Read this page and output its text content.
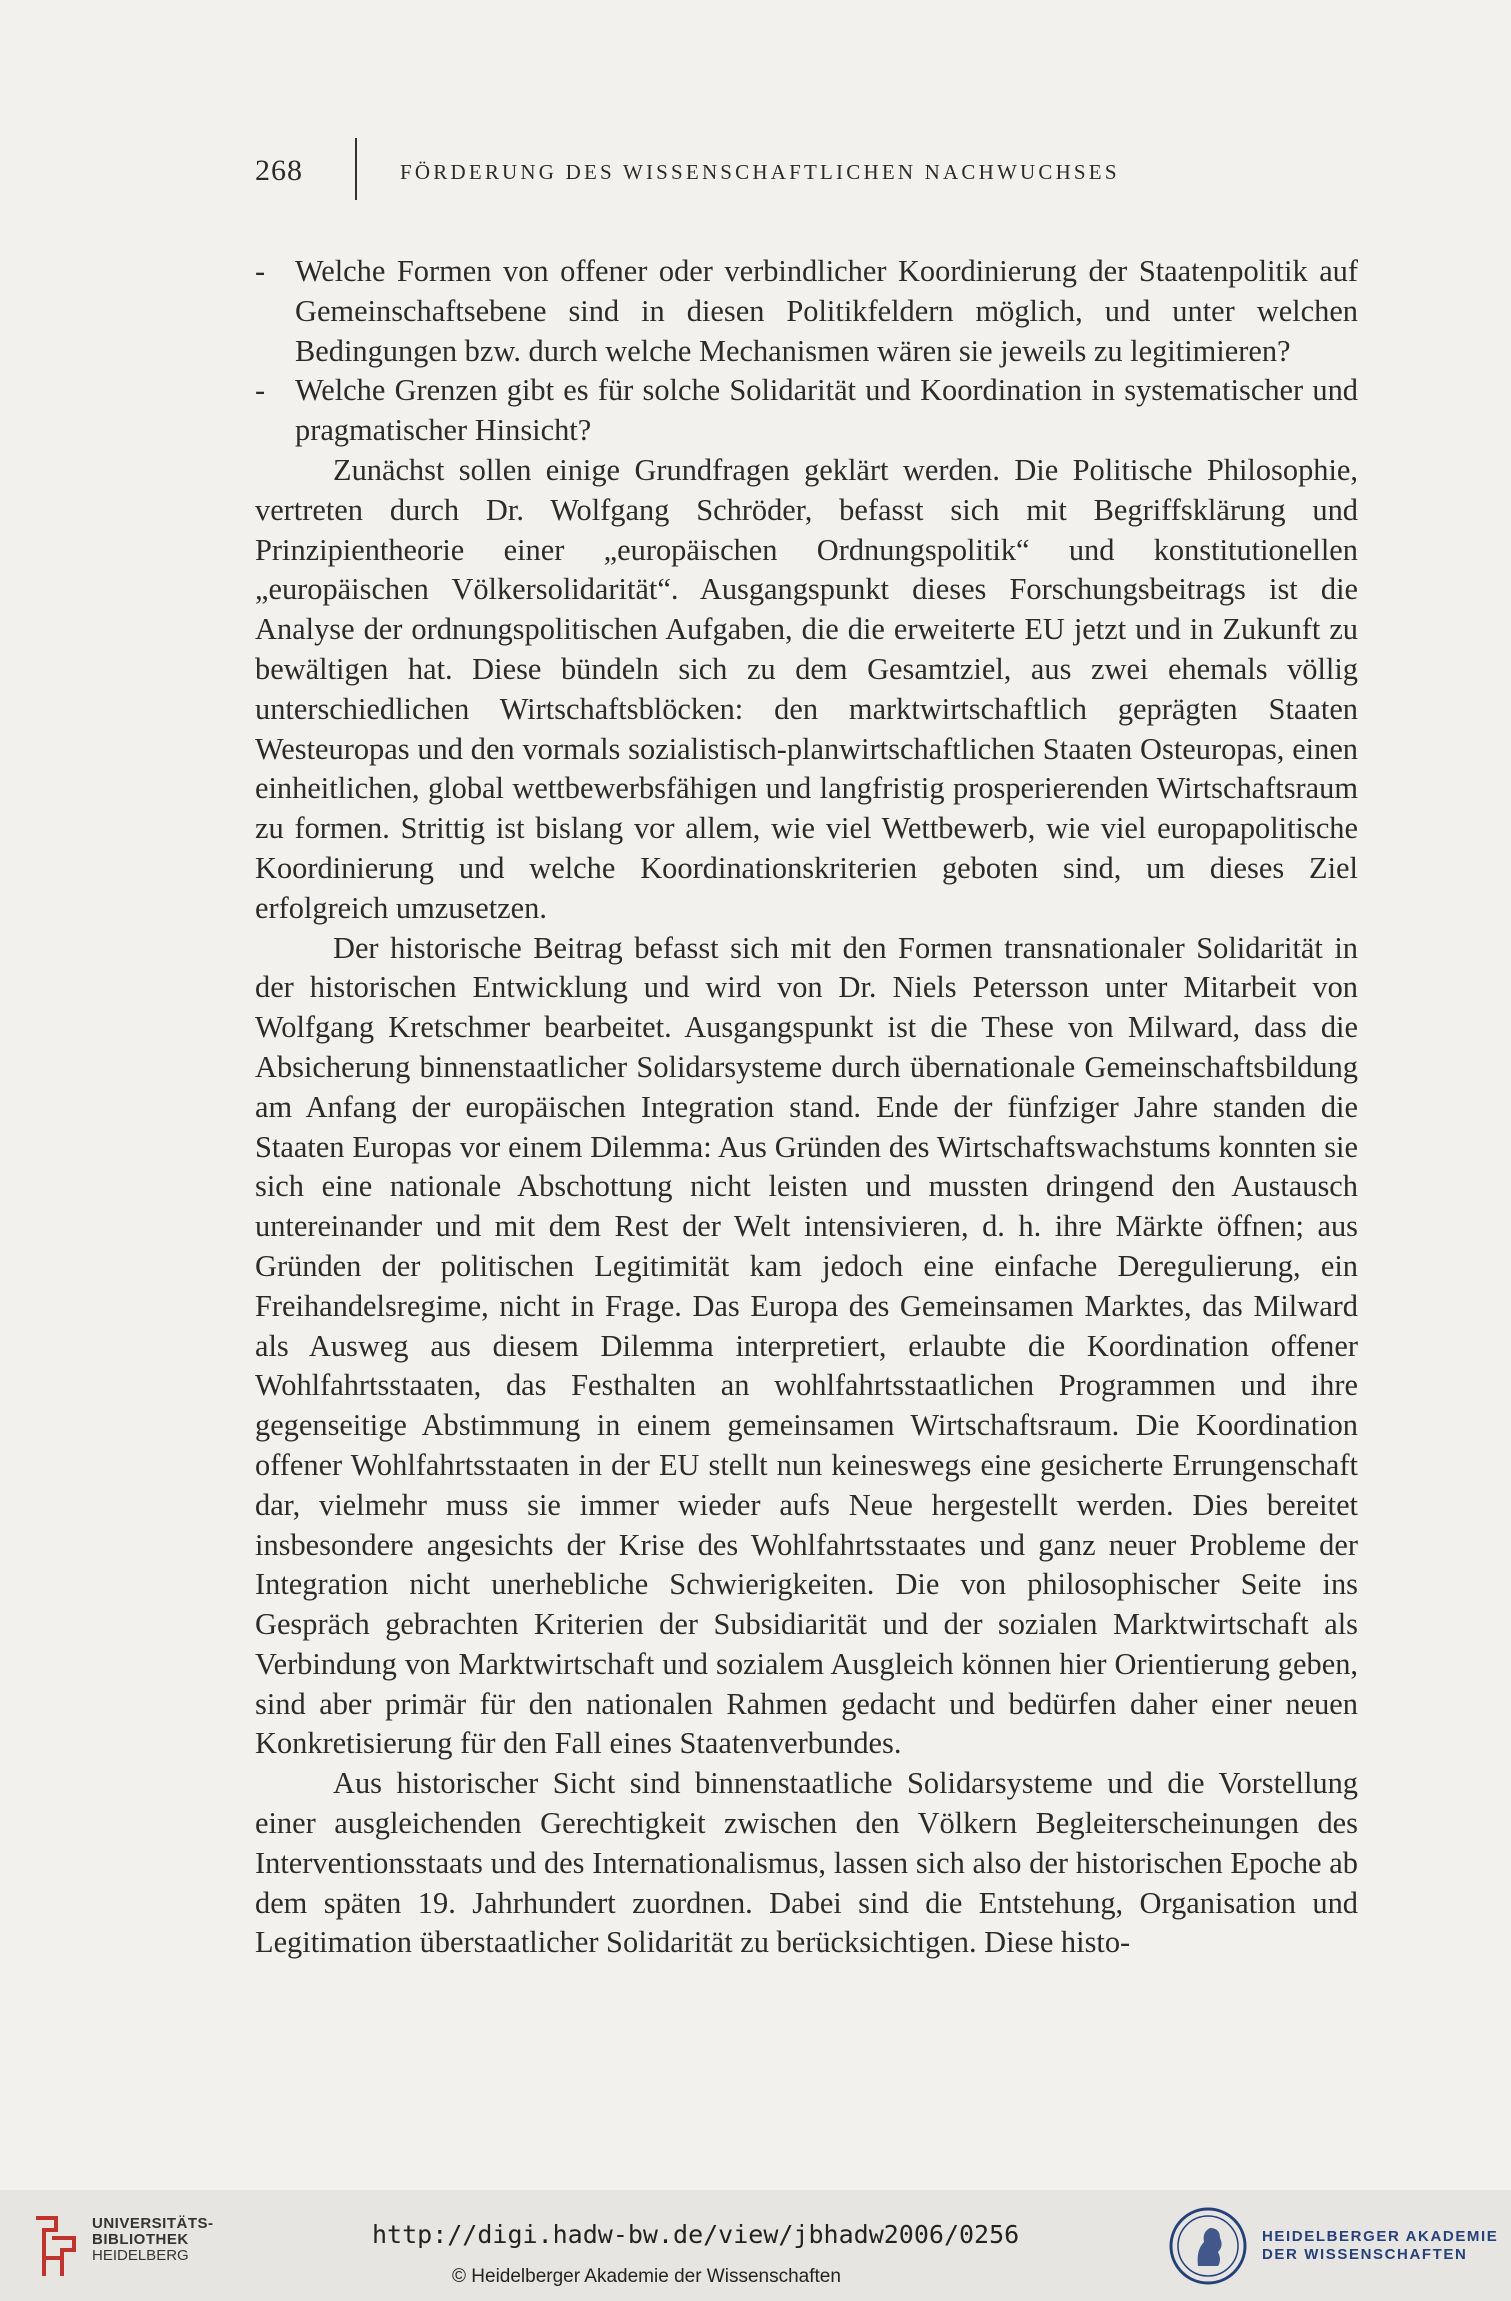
268	FÖRDERUNG DES WISSENSCHAFTLICHEN NACHWUCHSES

- Welche Formen von offener oder verbindlicher Koordinierung der Staatenpolitik auf Gemeinschaftsebene sind in diesen Politikfeldern möglich, und unter welchen Bedingungen bzw. durch welche Mechanismen wären sie jeweils zu legitimieren?

- Welche Grenzen gibt es für solche Solidarität und Koordination in systematischer und pragmatischer Hinsicht?

Zunächst sollen einige Grundfragen geklärt werden. Die Politische Philosophie, vertreten durch Dr. Wolfgang Schröder, befasst sich mit Begriffsklärung und Prinzipientheorie einer „europäischen Ordnungspolitik“ und konstitutionellen „europäischen Völkersolidarität“. Ausgangspunkt dieses Forschungsbeitrags ist die Analyse der ordnungspolitischen Aufgaben, die die erweiterte EU jetzt und in Zukunft zu bewältigen hat. Diese bündeln sich zu dem Gesamtziel, aus zwei ehemals völlig unterschiedlichen Wirtschaftsblöcken: den marktwirtschaftlich geprägten Staaten Westeuropas und den vormals sozialistisch-planwirtschaftlichen Staaten Osteuropas, einen einheitlichen, global wettbewerbsfähigen und langfristig prosperierenden Wirtschaftsraum zu formen. Strittig ist bislang vor allem, wie viel Wettbewerb, wie viel europapolitische Koordinierung und welche Koordinationskriterien geboten sind, um dieses Ziel erfolgreich umzusetzen.

Der historische Beitrag befasst sich mit den Formen transnationaler Solidarität in der historischen Entwicklung und wird von Dr. Niels Petersson unter Mitarbeit von Wolfgang Kretschmer bearbeitet. Ausgangspunkt ist die These von Milward, dass die Absicherung binnenstaatlicher Solidarsysteme durch übernationale Gemeinschaftsbildung am Anfang der europäischen Integration stand. Ende der fünfziger Jahre standen die Staaten Europas vor einem Dilemma: Aus Gründen des Wirtschaftswachstums konnten sie sich eine nationale Abschottung nicht leisten und mussten dringend den Austausch untereinander und mit dem Rest der Welt intensivieren, d. h. ihre Märkte öffnen; aus Gründen der politischen Legitimität kam jedoch eine einfache Deregulierung, ein Freihandelsregime, nicht in Frage. Das Europa des Gemeinsamen Marktes, das Milward als Ausweg aus diesem Dilemma interpretiert, erlaubte die Koordination offener Wohlfahrtsstaaten, das Festhalten an wohlfahrtsstaatlichen Programmen und ihre gegenseitige Abstimmung in einem gemeinsamen Wirtschaftsraum. Die Koordination offener Wohlfahrtsstaaten in der EU stellt nun keineswegs eine gesicherte Errungenschaft dar, vielmehr muss sie immer wieder aufs Neue hergestellt werden. Dies bereitet insbesondere angesichts der Krise des Wohlfahrtsstaates und ganz neuer Probleme der Integration nicht unerhebliche Schwierigkeiten. Die von philosophischer Seite ins Gespräch gebrachten Kriterien der Subsidiarität und der sozialen Marktwirtschaft als Verbindung von Marktwirtschaft und sozialem Ausgleich können hier Orientierung geben, sind aber primär für den nationalen Rahmen gedacht und bedürfen daher einer neuen Konkretisierung für den Fall eines Staatenverbundes.

Aus historischer Sicht sind binnenstaatliche Solidarsysteme und die Vorstellung einer ausgleichenden Gerechtigkeit zwischen den Völkern Begleiterscheinungen des Interventionsstaats und des Internationalismus, lassen sich also der historischen Epoche ab dem späten 19. Jahrhundert zuordnen. Dabei sind die Entstehung, Organisation und Legitimation überstaatlicher Solidarität zu berücksichtigen. Diese histo-

UNIVERSITÄTS-
BIBLIOTHEK
HEIDELBERG
http://digi.hadw-bw.de/view/jbhadw2006/0256
© Heidelberger Akademie der Wissenschaften
HEIDELBERGER AKADEMIE
DER WISSENSCHAFTEN
